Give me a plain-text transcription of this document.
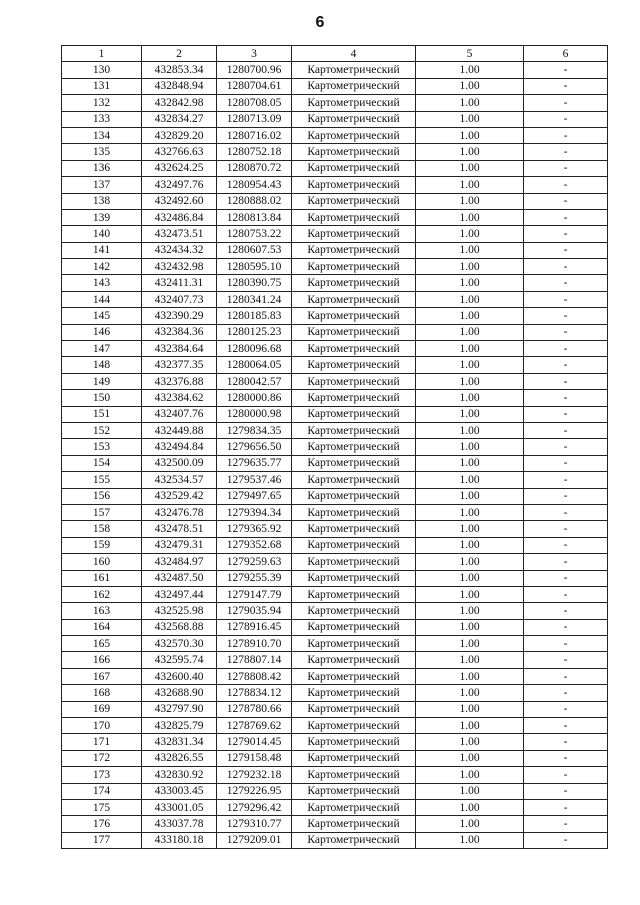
6
1	2	3	4	5	6
130	432853.34	1280700.96	Картометрический	1.00	-
131	432848.94	1280704.61	Картометрический	1.00	-
132	432842.98	1280708.05	Картометрический	1.00	-
133	432834.27	1280713.09	Картометрический	1.00	-
134	432829.20	1280716.02	Картометрический	1.00	-
135	432766.63	1280752.18	Картометрический	1.00	-
136	432624.25	1280870.72	Картометрический	1.00	-
137	432497.76	1280954.43	Картометрический	1.00	-
138	432492.60	1280888.02	Картометрический	1.00	-
139	432486.84	1280813.84	Картометрический	1.00	-
140	432473.51	1280753.22	Картометрический	1.00	-
141	432434.32	1280607.53	Картометрический	1.00	-
142	432432.98	1280595.10	Картометрический	1.00	-
143	432411.31	1280390.75	Картометрический	1.00	-
144	432407.73	1280341.24	Картометрический	1.00	-
145	432390.29	1280185.83	Картометрический	1.00	-
146	432384.36	1280125.23	Картометрический	1.00	-
147	432384.64	1280096.68	Картометрический	1.00	-
148	432377.35	1280064.05	Картометрический	1.00	-
149	432376.88	1280042.57	Картометрический	1.00	-
150	432384.62	1280000.86	Картометрический	1.00	-
151	432407.76	1280000.98	Картометрический	1.00	-
152	432449.88	1279834.35	Картометрический	1.00	-
153	432494.84	1279656.50	Картометрический	1.00	-
154	432500.09	1279635.77	Картометрический	1.00	-
155	432534.57	1279537.46	Картометрический	1.00	-
156	432529.42	1279497.65	Картометрический	1.00	-
157	432476.78	1279394.34	Картометрический	1.00	-
158	432478.51	1279365.92	Картометрический	1.00	-
159	432479.31	1279352.68	Картометрический	1.00	-
160	432484.97	1279259.63	Картометрический	1.00	-
161	432487.50	1279255.39	Картометрический	1.00	-
162	432497.44	1279147.79	Картометрический	1.00	-
163	432525.98	1279035.94	Картометрический	1.00	-
164	432568.88	1278916.45	Картометрический	1.00	-
165	432570.30	1278910.70	Картометрический	1.00	-
166	432595.74	1278807.14	Картометрический	1.00	-
167	432600.40	1278808.42	Картометрический	1.00	-
168	432688.90	1278834.12	Картометрический	1.00	-
169	432797.90	1278780.66	Картометрический	1.00	-
170	432825.79	1278769.62	Картометрический	1.00	-
171	432831.34	1279014.45	Картометрический	1.00	-
172	432826.55	1279158.48	Картометрический	1.00	-
173	432830.92	1279232.18	Картометрический	1.00	-
174	433003.45	1279226.95	Картометрический	1.00	-
175	433001.05	1279296.42	Картометрический	1.00	-
176	433037.78	1279310.77	Картометрический	1.00	-
177	433180.18	1279209.01	Картометрический	1.00	-
